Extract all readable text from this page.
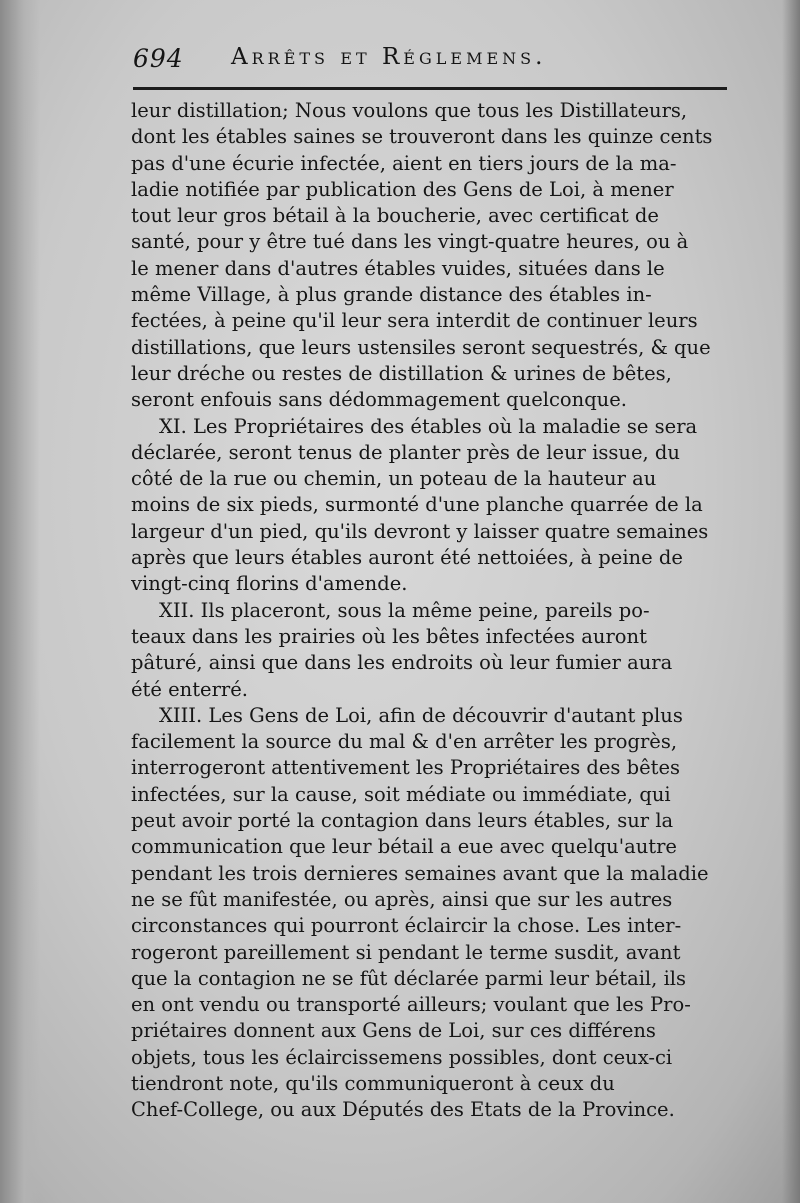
694 Arrêts et Réglemens.
leur distillation; Nous voulons que tous les Distillateurs,
dont les étables saines se trouveront dans les quinze cents
pas d'une écurie infectée, aient en tiers jours de la ma-
ladie notifiée par publication des Gens de Loi, à mener
tout leur gros bétail à la boucherie, avec certificat de
santé, pour y être tué dans les vingt-quatre heures, ou à
le mener dans d'autres étables vuides, situées dans le
même Village, à plus grande distance des étables in-
fectées, à peine qu'il leur sera interdit de continuer leurs
distillations, que leurs ustensiles seront sequestrés, & que
leur dréche ou restes de distillation & urines de bêtes,
seront enfouis sans dédommagement quelconque.
XI. Les Propriétaires des étables où la maladie se sera
déclarée, seront tenus de planter près de leur issue, du
côté de la rue ou chemin, un poteau de la hauteur au
moins de six pieds, surmonté d'une planche quarrée de la
largeur d'un pied, qu'ils devront y laisser quatre semaines
après que leurs étables auront été nettoiées, à peine de
vingt-cinq florins d'amende.
XII. Ils placeront, sous la même peine, pareils po-
teaux dans les prairies où les bêtes infectées auront
pâturé, ainsi que dans les endroits où leur fumier aura
été enterré.
XIII. Les Gens de Loi, afin de découvrir d'autant plus
facilement la source du mal & d'en arrêter les progrès,
interrogeront attentivement les Propriétaires des bêtes
infectées, sur la cause, soit médiate ou immédiate, qui
peut avoir porté la contagion dans leurs étables, sur la
communication que leur bétail a eue avec quelqu'autre
pendant les trois dernieres semaines avant que la maladie
ne se fût manifestée, ou après, ainsi que sur les autres
circonstances qui pourront éclaircir la chose. Les inter-
rogeront pareillement si pendant le terme susdit, avant
que la contagion ne se fût déclarée parmi leur bétail, ils
en ont vendu ou transporté ailleurs; voulant que les Pro-
priétaires donnent aux Gens de Loi, sur ces différens
objets, tous les éclaircissemens possibles, dont ceux-ci
tiendront note, qu'ils communiqueront à ceux du
Chef-College, ou aux Députés des Etats de la Province.
